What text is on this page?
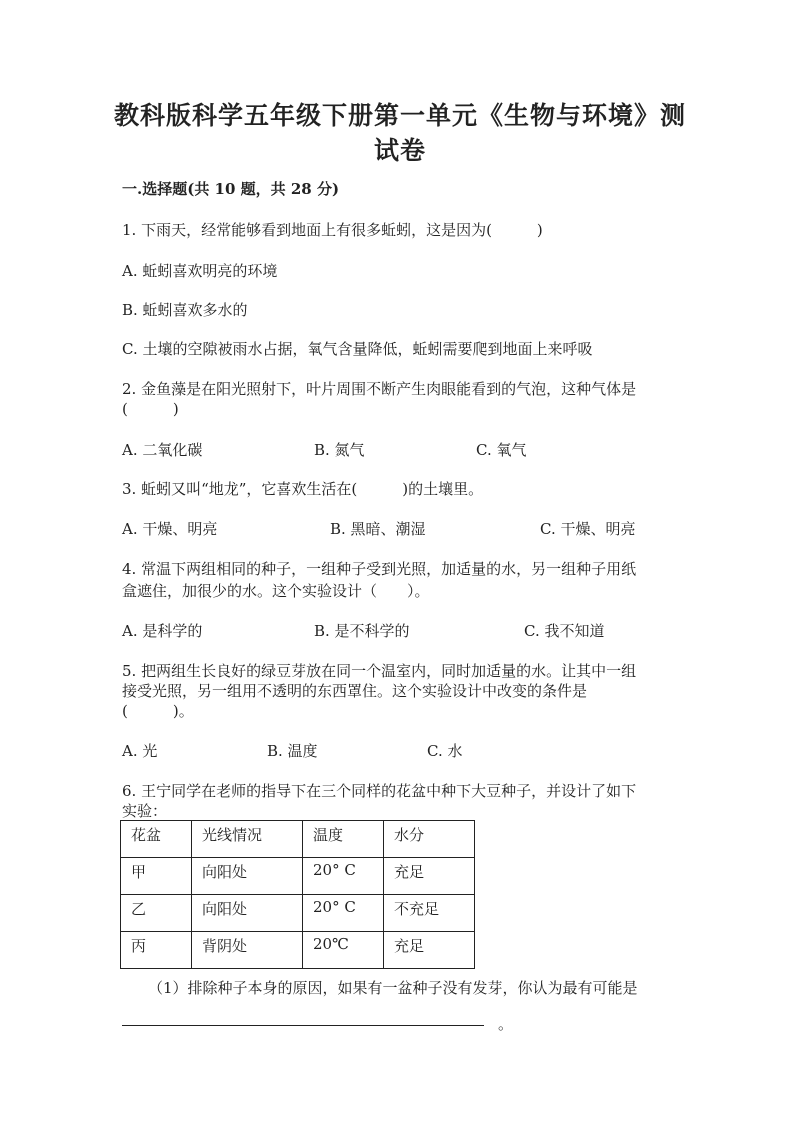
教科版科学五年级下册第一单元《生物与环境》测
试卷
一.选择题(共 10 题，共 28 分)
1. 下雨天，经常能够看到地面上有很多蚯蚓，这是因为(　　　)
A. 蚯蚓喜欢明亮的环境
B. 蚯蚓喜欢多水的
C. 土壤的空隙被雨水占据，氧气含量降低，蚯蚓需要爬到地面上来呼吸
2. 金鱼藻是在阳光照射下，叶片周围不断产生肉眼能看到的气泡，这种气体是
(　　　)
A. 二氧化碳	B. 氮气	C. 氧气
3. 蚯蚓又叫“地龙”，它喜欢生活在(　　　)的土壤里。
A. 干燥、明亮	B. 黑暗、潮湿	C. 干燥、明亮
4. 常温下两组相同的种子，一组种子受到光照，加适量的水，另一组种子用纸
盒遮住，加很少的水。这个实验设计（　　）。
A. 是科学的	B. 是不科学的	C. 我不知道
5. 把两组生长良好的绿豆芽放在同一个温室内，同时加适量的水。让其中一组
接受光照，另一组用不透明的东西罩住。这个实验设计中改变的条件是
(　　　)。
A. 光	B. 温度	C. 水
6. 王宁同学在老师的指导下在三个同样的花盆中种下大豆种子，并设计了如下
实验：
花盆	光线情况	温度	水分
甲	向阳处	20° C	充足
乙	向阳处	20° C	不充足
丙	背阴处	20℃	充足
（1）排除种子本身的原因，如果有一盆种子没有发芽，你认为最有可能是
。
